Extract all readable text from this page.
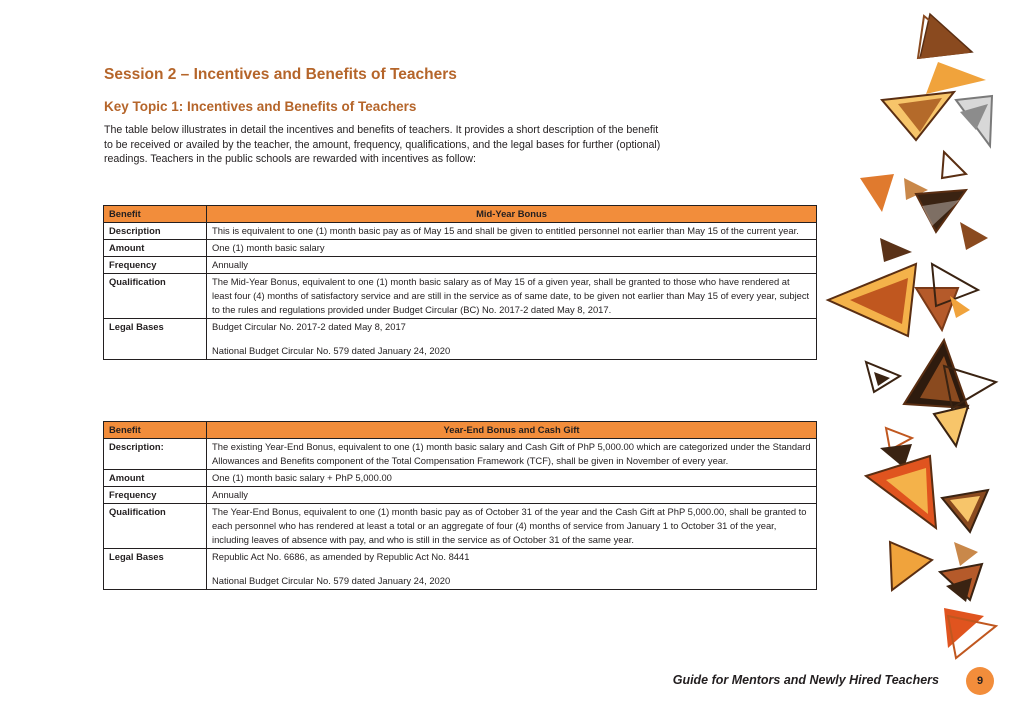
Session 2 – Incentives and Benefits of Teachers
Key Topic 1: Incentives and Benefits of Teachers
The table below illustrates in detail the incentives and benefits of teachers. It provides a short description of the benefit to be received or availed by the teacher, the amount, frequency, qualifications, and the legal bases for further (optional) readings. Teachers in the public schools are rewarded with incentives as follow:
Benefit	Mid-Year Bonus
Description	This is equivalent to one (1) month basic pay as of May 15 and shall be given to entitled personnel not earlier than May 15 of the current year.
Amount	One (1) month basic salary
Frequency	Annually
Qualification	The Mid-Year Bonus, equivalent to one (1) month basic salary as of May 15 of a given year, shall be granted to those who have rendered at least four (4) months of satisfactory service and are still in the service as of same date, to be given not earlier than May 15 of every year, subject to the rules and regulations provided under Budget Circular (BC) No. 2017-2 dated May 8, 2017.
Legal Bases	Budget Circular No. 2017-2 dated May 8, 2017
National Budget Circular No. 579 dated January 24, 2020
Benefit	Year-End Bonus and Cash Gift
Description:	The existing Year-End Bonus, equivalent to one (1) month basic salary and Cash Gift of PhP 5,000.00 which are categorized under the Standard Allowances and Benefits component of the Total Compensation Framework (TCF), shall be given in November of every year.
Amount	One (1) month basic salary + PhP 5,000.00
Frequency	Annually
Qualification	The Year-End Bonus, equivalent to one (1) month basic pay as of October 31 of the year and the Cash Gift at PhP 5,000.00, shall be granted to each personnel who has rendered at least a total or an aggregate of four (4) months of service from January 1 to October 31 of the year, including leaves of absence with pay, and who is still in the service as of October 31 of the same year.
Legal Bases	Republic Act No. 6686, as amended by Republic Act No. 8441
National Budget Circular No. 579 dated January 24, 2020
Guide for Mentors and Newly Hired Teachers	9
